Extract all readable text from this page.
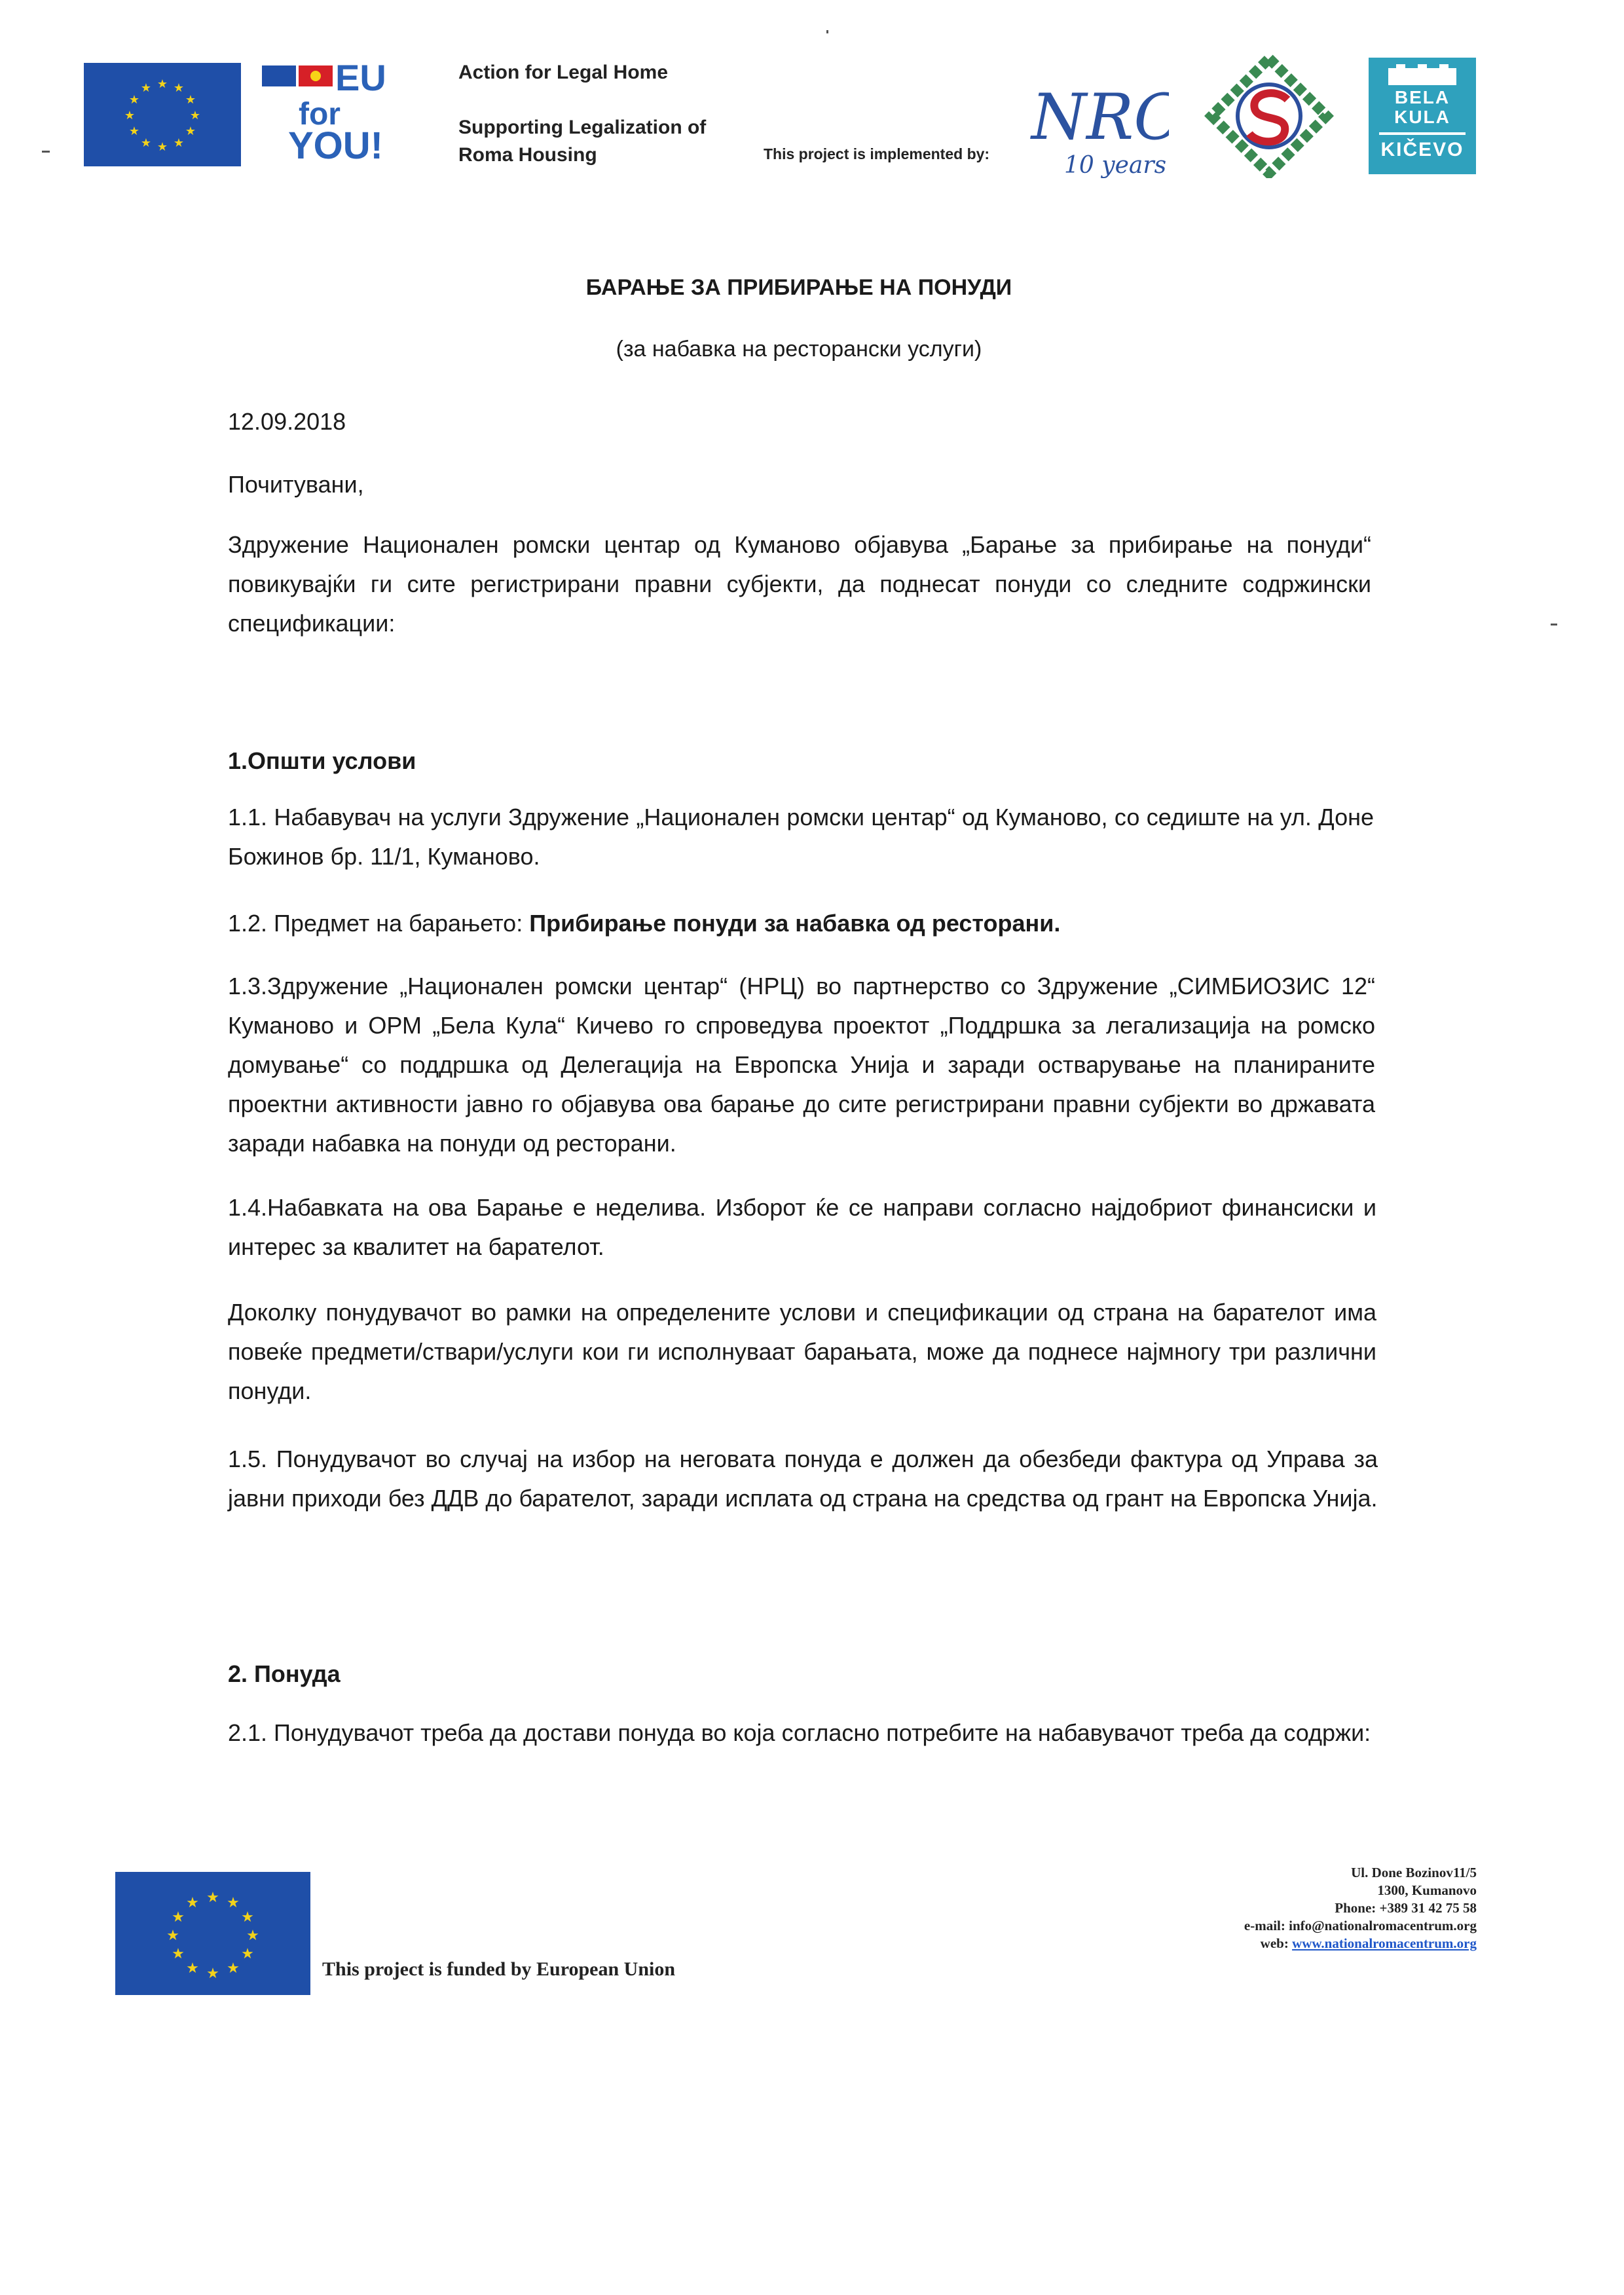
★ ★
★
★
★
★
★
★
★
★
★
★	EU
for
YOU!
Action for Legal Home
Supporting Legalization of
Roma Housing	This project is implemented by: NRC
10 years
BELA
KULA
KIČEVO
БАРАЊЕ ЗА ПРИБИРАЊЕ НА ПОНУДИ
(за набавка на ресторански услуги)
12.09.2018
Почитувани,
Здружение Национален ромски центар од Куманово објавува „Барање за прибирање на понуди“ повикувајќи ги сите регистрирани правни субјекти, да поднесат понуди со следните содржински спецификации:
1.Општи услови
1.1. Набавувач на услуги Здружение „Национален ромски центар“ од Куманово, со седиште на ул. Доне Божинов бр. 11/1, Куманово.
1.2. Предмет на барањето: Прибирање понуди за набавка од ресторани.
1.3.Здружение „Национален ромски центар“ (НРЦ) во партнерство со Здружение „СИМБИОЗИС 12“ Куманово и ОРМ „Бела Кула“ Кичево го спроведува проектот „Поддршка за легализација на ромско домување“ со поддршка од Делегација на Европска Унија и заради остварување на планираните проектни активности јавно го објавува ова барање до сите регистрирани правни субјекти во државата заради набавка на понуди од ресторани.
1.4.Набавката на ова Барање е неделива. Изборот ќе се направи согласно најдобриот финансиски и интерес за квалитет на барателот.
Доколку понудувачот во рамки на определените услови и спецификации од страна на барателот има повеќе предмети/ствари/услуги кои ги исполнуваат барањата, може да поднесе најмногу три различни понуди.
1.5. Понудувачот во случај на избор на неговата понуда е должен да обезбеди фактура од Управа за јавни приходи без ДДВ до барателот, заради исплата од страна на средства од грант на Европска Унија.
2. Понуда
2.1. Понудувачот треба да достави понуда во која согласно потребите на набавувачот треба да содржи:
★ ★
★
★
★
★
★
★
★
★
★
★
This project is funded by European Union
Ul. Done Bozinov11/5
1300, Kumanovo
Phone: +389 31 42 75 58
e-mail: info@nationalromacentrum.org
web: www.nationalromacentrum.org
